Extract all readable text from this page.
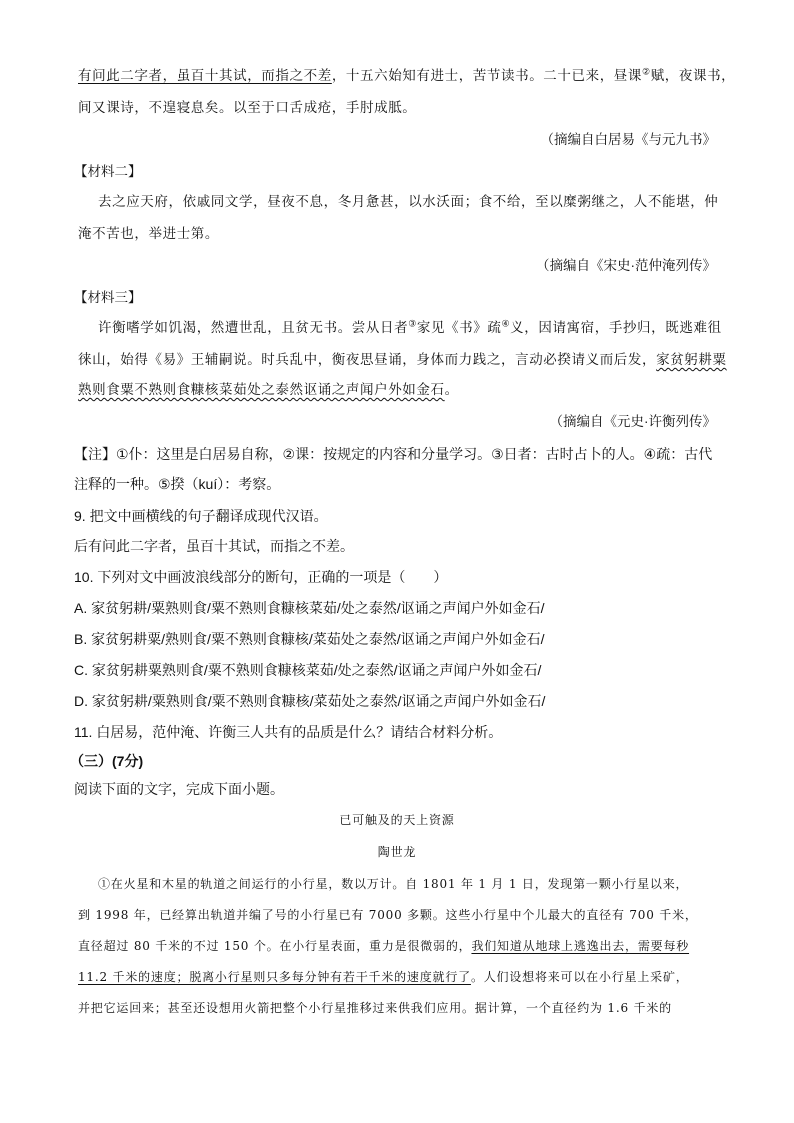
有问此二字者，虽百十其试，而指之不差，十五六始知有进士，苦节读书。二十已来，昼课②赋，夜课书，
间又课诗，不遑寝息矣。以至于口舌成疮，手肘成胝。
（摘编自白居易《与元九书》
【材料二】
去之应天府，依戚同文学，昼夜不息，冬月惫甚，以水沃面；食不给，至以糜粥继之，人不能堪，仲
淹不苦也，举进士第。
（摘编自《宋史·范仲淹列传》
【材料三】
许衡嗜学如饥渴，然遭世乱，且贫无书。尝从日者③家见《书》疏④义，因请寓宿，手抄归，既逃难徂
徕山，始得《易》王辅嗣说。时兵乱中，衡夜思昼诵，身体而力践之，言动必揆请义而后发，家贫躬耕粟
熟则食粟不熟则食糠核菜茹处之泰然讴诵之声闻户外如金石。
（摘编自《元史·许衡列传》
【注】①仆：这里是白居易自称，②课：按规定的内容和分量学习。③日者：古时占卜的人。④疏：古代
注释的一种。⑤揆（kuí）：考察。
9. 把文中画横线的句子翻译成现代汉语。
后有问此二字者，虽百十其试，而指之不差。
10. 下列对文中画波浪线部分的断句，正确的一项是（　　）
A. 家贫躬耕/粟熟则食/粟不熟则食糠核菜茹/处之泰然/讴诵之声闻户外如金石/
B. 家贫躬耕粟/熟则食/粟不熟则食糠核/菜茹处之泰然/讴诵之声闻户外如金石/
C. 家贫躬耕粟熟则食/粟不熟则食糠核菜茹/处之泰然/讴诵之声闻户外如金石/
D. 家贫躬耕/粟熟则食/粟不熟则食糠核/菜茹处之泰然/讴诵之声闻户外如金石/
11. 白居易，范仲淹、许衡三人共有的品质是什么？请结合材料分析。
（三）(7分)
阅读下面的文字，完成下面小题。
已可触及的天上资源
陶世龙
①在火星和木星的轨道之间运行的小行星，数以万计。自 1801 年 1 月 1 日，发现第一颗小行星以来，
到 1998 年，已经算出轨道并编了号的小行星已有 7000 多颗。这些小行星中个儿最大的直径有 700 千米，
直径超过 80 千米的不过 150 个。在小行星表面，重力是很微弱的，我们知道从地球上逃逸出去，需要每秒
11.2 千米的速度；脱离小行星则只多每分钟有若干千米的速度就行了。人们设想将来可以在小行星上采矿，
并把它运回来；甚至还设想用火箭把整个小行星推移过来供我们应用。据计算，一个直径约为 1.6 千米的
